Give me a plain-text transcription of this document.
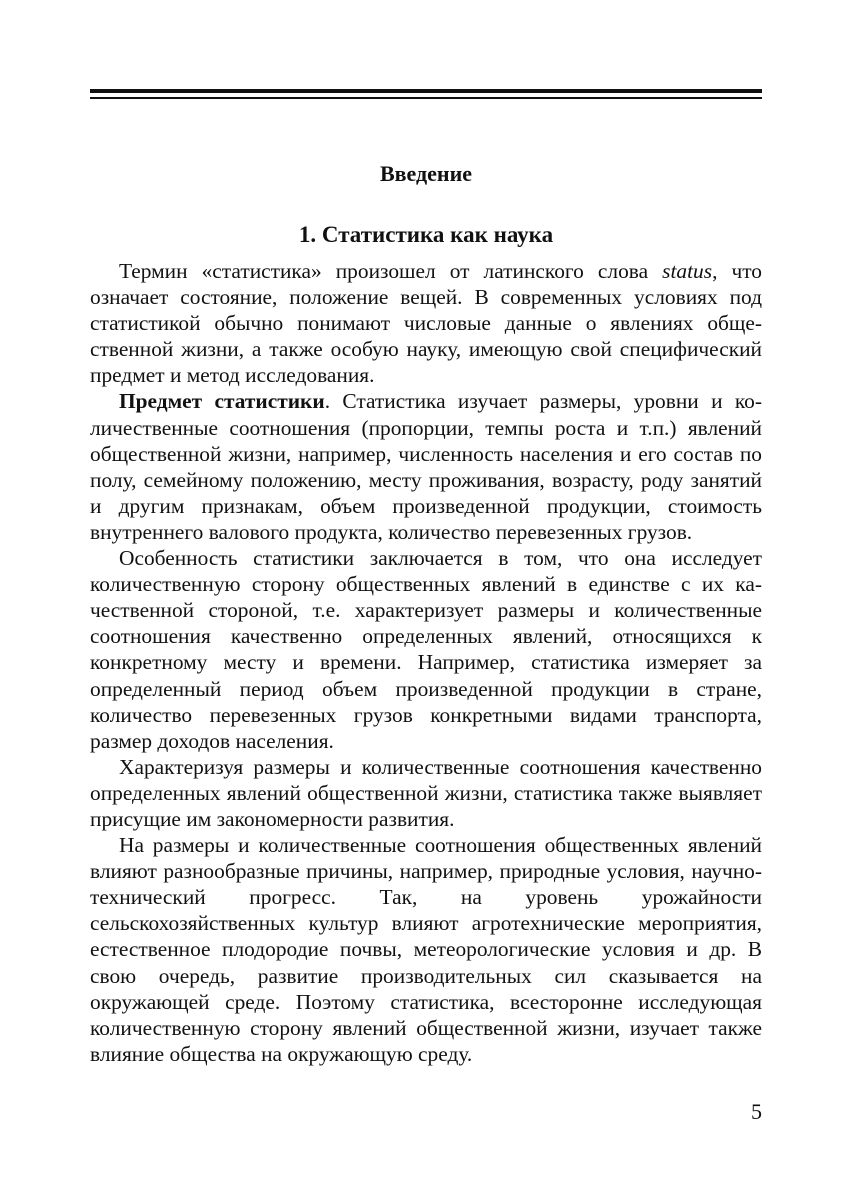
Введение
1. Статистика как наука

Термин «статистика» произошел от латинского слова status, что означает состояние, положение вещей. В современных условиях под статистикой обычно понимают числовые данные о явлениях общественной жизни, а также особую науку, имеющую свой специфический предмет и метод исследования.

Предмет статистики. Статистика изучает размеры, уровни и количественные соотношения (пропорции, темпы роста и т.п.) явлений общественной жизни, например, численность населения и его состав по полу, семейному положению, месту проживания, возрасту, роду занятий и другим признакам, объем произведенной продукции, стоимость внутреннего валового продукта, количество перевезенных грузов.

Особенность статистики заключается в том, что она исследует количественную сторону общественных явлений в единстве с их качественной стороной, т.е. характеризует размеры и количественные соотношения качественно определенных явлений, относящихся к конкретному месту и времени. Например, статистика измеряет за определенный период объем произведенной продукции в стране, количество перевезенных грузов конкретными видами транспорта, размер доходов населения.

Характеризуя размеры и количественные соотношения качественно определенных явлений общественной жизни, статистика также выявляет присущие им закономерности развития.

На размеры и количественные соотношения общественных явлений влияют разнообразные причины, например, природные условия, научно-технический прогресс. Так, на уровень урожайности сельскохозяйственных культур влияют агротехнические мероприятия, естественное плодородие почвы, метеорологические условия и др. В свою очередь, развитие производительных сил сказывается на окружающей среде. Поэтому статистика, всесторонне исследующая количественную сторону явлений общественной жизни, изучает также влияние общества на окружающую среду.

5
